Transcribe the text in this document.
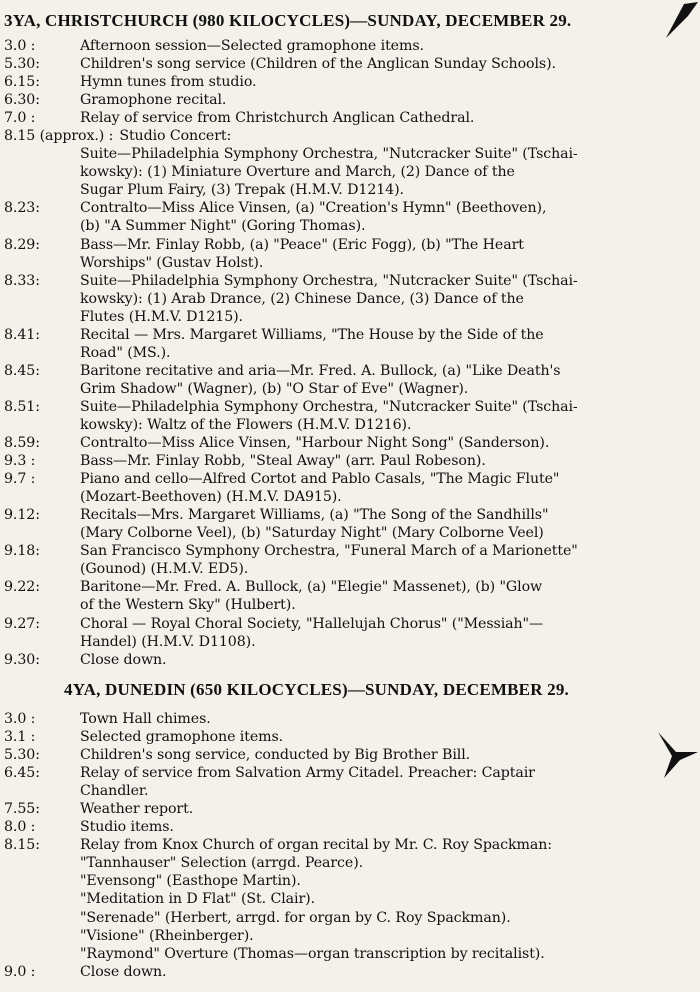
3YA, CHRISTCHURCH (980 KILOCYCLES)—SUNDAY, DECEMBER 29.
3.0 :	Afternoon session—Selected gramophone items.
5.30:	Children's song service (Children of the Anglican Sunday Schools).
6.15:	Hymn tunes from studio.
6.30:	Gramophone recital.
7.0 :	Relay of service from Christchurch Anglican Cathedral.
8.15 (approx.) : Studio Concert:
Suite—Philadelphia Symphony Orchestra, "Nutcracker Suite" (Tschai-
kowsky): (1) Miniature Overture and March, (2) Dance of the
Sugar Plum Fairy, (3) Trepak (H.M.V. D1214).
8.23:	Contralto—Miss Alice Vinsen, (a) "Creation's Hymn" (Beethoven),
(b) "A Summer Night" (Goring Thomas).
8.29:	Bass—Mr. Finlay Robb, (a) "Peace" (Eric Fogg), (b) "The Heart
Worships" (Gustav Holst).
8.33:	Suite—Philadelphia Symphony Orchestra, "Nutcracker Suite" (Tschai-
kowsky): (1) Arab Drance, (2) Chinese Dance, (3) Dance of the
Flutes (H.M.V. D1215).
8.41:	Recital — Mrs. Margaret Williams, "The House by the Side of the
Road" (MS.).
8.45:	Baritone recitative and aria—Mr. Fred. A. Bullock, (a) "Like Death's
Grim Shadow" (Wagner), (b) "O Star of Eve" (Wagner).
8.51:	Suite—Philadelphia Symphony Orchestra, "Nutcracker Suite" (Tschai-
kowsky): Waltz of the Flowers (H.M.V. D1216).
8.59:	Contralto—Miss Alice Vinsen, "Harbour Night Song" (Sanderson).
9.3 :	Bass—Mr. Finlay Robb, "Steal Away" (arr. Paul Robeson).
9.7 :	Piano and cello—Alfred Cortot and Pablo Casals, "The Magic Flute"
(Mozart-Beethoven) (H.M.V. DA915).
9.12:	Recitals—Mrs. Margaret Williams, (a) "The Song of the Sandhills"
(Mary Colborne Veel), (b) "Saturday Night" (Mary Colborne Veel)
9.18:	San Francisco Symphony Orchestra, "Funeral March of a Marionette"
(Gounod) (H.M.V. ED5).
9.22:	Baritone—Mr. Fred. A. Bullock, (a) "Elegie" Massenet), (b) "Glow
of the Western Sky" (Hulbert).
9.27:	Choral — Royal Choral Society, "Hallelujah Chorus" ("Messiah"—
Handel) (H.M.V. D1108).
9.30:	Close down.
4YA, DUNEDIN (650 KILOCYCLES)—SUNDAY, DECEMBER 29.
3.0 :	Town Hall chimes.
3.1 :	Selected gramophone items.
5.30:	Children's song service, conducted by Big Brother Bill.
6.45:	Relay of service from Salvation Army Citadel. Preacher: Captair
Chandler.
7.55:	Weather report.
8.0 :	Studio items.
8.15:	Relay from Knox Church of organ recital by Mr. C. Roy Spackman:
"Tannhauser" Selection (arrgd. Pearce).
"Evensong" (Easthope Martin).
"Meditation in D Flat" (St. Clair).
"Serenade" (Herbert, arrgd. for organ by C. Roy Spackman).
"Visione" (Rheinberger).
"Raymond" Overture (Thomas—organ transcription by recitalist).
9.0 :	Close down.
